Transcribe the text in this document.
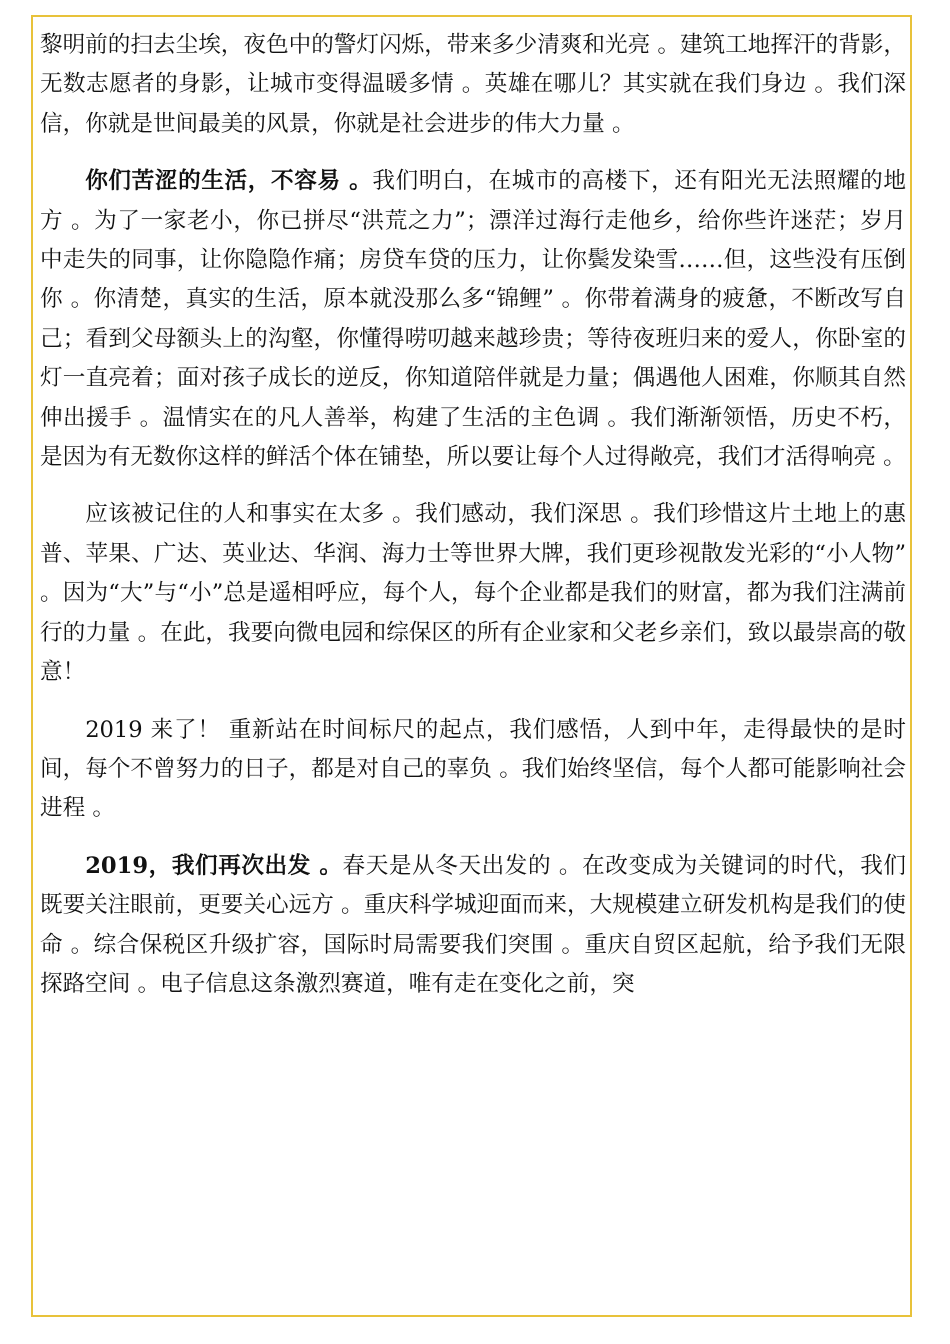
黎明前的扫去尘埃，夜色中的警灯闪烁，带来多少清爽和光亮 。建筑工地挥汗的背影，无数志愿者的身影，让城市变得温暖多情 。英雄在哪儿？其实就在我们身边 。我们深信，你就是世间最美的风景，你就是社会进步的伟大力量 。

你们苦涩的生活，不容易 。我们明白，在城市的高楼下，还有阳光无法照耀的地方 。为了一家老小，你已拼尽“洪荒之力”；漂洋过海行走他乡，给你些许迷茫；岁月中走失的同事，让你隐隐作痛；房贷车贷的压力，让你鬓发染雪……但，这些没有压倒你 。你清楚，真实的生活，原本就没那么多“锦鲤” 。你带着满身的疲惫，不断改写自己；看到父母额头上的沟壑，你懂得唠叨越来越珍贵；等待夜班归来的爱人，你卧室的灯一直亮着；面对孩子成长的逆反，你知道陪伴就是力量；偶遇他人困难，你顺其自然伸出援手 。温情实在的凡人善举，构建了生活的主色调 。我们渐渐领悟，历史不朽，是因为有无数你这样的鲜活个体在铺垫，所以要让每个人过得敞亮，我们才活得响亮 。

应该被记住的人和事实在太多 。我们感动，我们深思 。我们珍惜这片土地上的惠普、苹果、广达、英业达、华润、海力士等世界大牌，我们更珍视散发光彩的“小人物” 。因为“大”与“小”总是遥相呼应，每个人，每个企业都是我们的财富，都为我们注满前行的力量 。在此，我要向微电园和综保区的所有企业家和父老乡亲们，致以最崇高的敬意！

2019 来了！ 重新站在时间标尺的起点，我们感悟，人到中年，走得最快的是时间，每个不曾努力的日子，都是对自己的辜负 。我们始终坚信，每个人都可能影响社会进程 。

2019，我们再次出发 。春天是从冬天出发的 。在改变成为关键词的时代，我们既要关注眼前，更要关心远方 。重庆科学城迎面而来，大规模建立研发机构是我们的使命 。综合保税区升级扩容，国际时局需要我们突围 。重庆自贸区起航，给予我们无限探路空间 。电子信息这条激烈赛道，唯有走在变化之前，突
